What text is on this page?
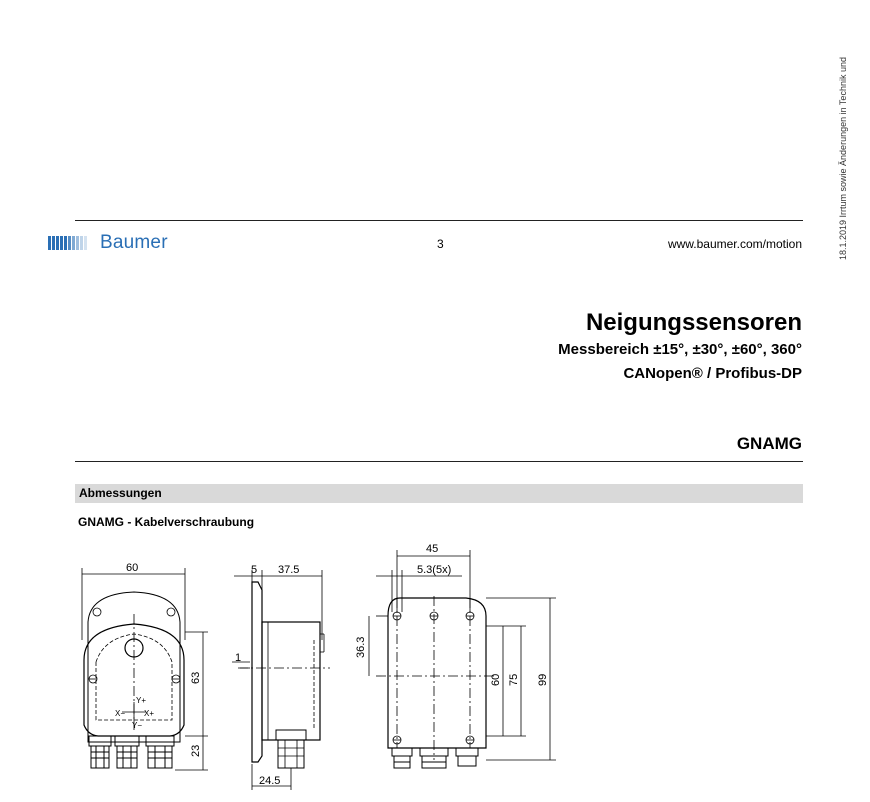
18.1.2019 Irrtum sowie Änderungen in Technik und
Baumer	3	www.baumer.com/motion
Neigungssensoren
Messbereich ±15°, ±30°, ±60°, 360°
CANopen® / Profibus-DP
GNAMG
Abmessungen
GNAMG - Kabelverschraubung
60
Y+
X− X+
Y−
63
23
5 37.5
1
24.5
45
5.3(5x)
36.3
60 75 99
